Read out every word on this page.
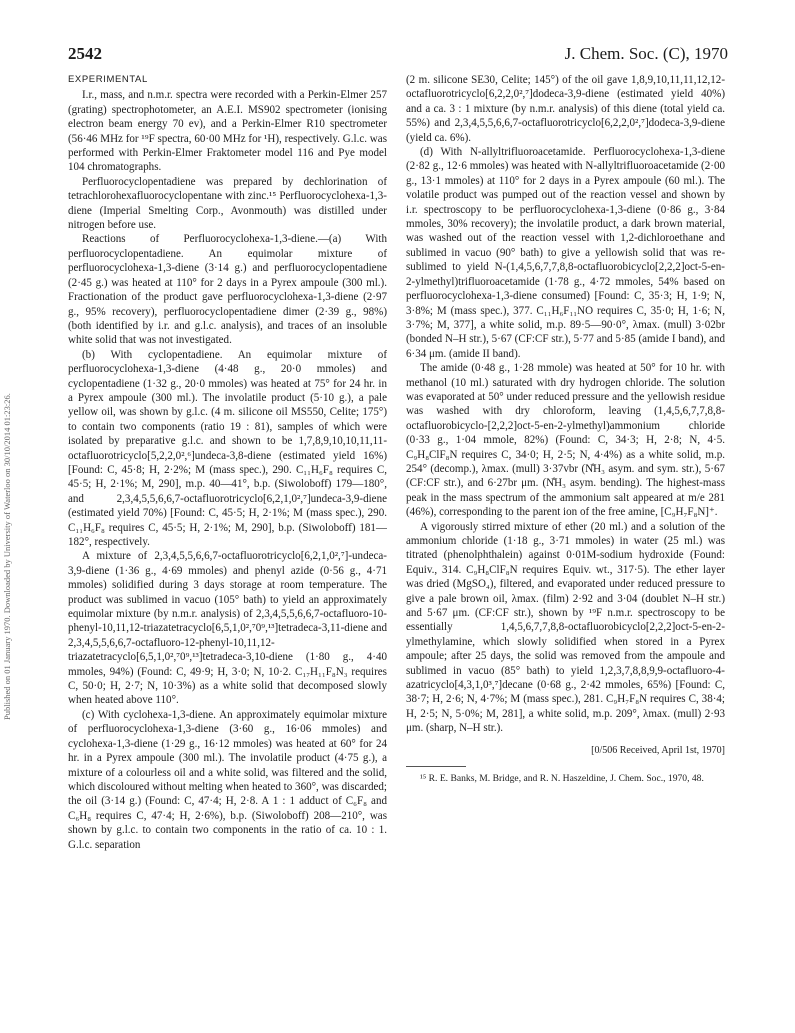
Published on 01 January 1970. Downloaded by University of Waterloo on 30/10/2014 01:23:26.
2542	J. Chem. Soc. (C), 1970
EXPERIMENTAL

I.r., mass, and n.m.r. spectra were recorded with a Perkin-Elmer 257 (grating) spectrophotometer, an A.E.I. MS902 spectrometer (ionising electron beam energy 70 ev), and a Perkin-Elmer R10 spectrometer (56·46 MHz for ¹⁹F spectra, 60·00 MHz for ¹H), respectively. G.l.c. was performed with Perkin-Elmer Fraktometer model 116 and Pye model 104 chromatographs.

Perfluorocyclopentadiene was prepared by dechlorination of tetrachlorohexafluorocyclopentane with zinc.¹⁵ Perfluorocyclohexa-1,3-diene (Imperial Smelting Corp., Avonmouth) was distilled under nitrogen before use.

Reactions of Perfluorocyclohexa-1,3-diene.—(a) With perfluorocyclopentadiene. An equimolar mixture of perfluorocyclohexa-1,3-diene (3·14 g.) and perfluorocyclopentadiene (2·45 g.) was heated at 110° for 2 days in a Pyrex ampoule (300 ml.). Fractionation of the product gave perfluorocyclohexa-1,3-diene (2·97 g., 95% recovery), perfluorocyclopentadiene dimer (2·39 g., 98%) (both identified by i.r. and g.l.c. analysis), and traces of an insoluble white solid that was not investigated.

(b) With cyclopentadiene. An equimolar mixture of perfluorocyclohexa-1,3-diene (4·48 g., 20·0 mmoles) and cyclopentadiene (1·32 g., 20·0 mmoles) was heated at 75° for 24 hr. in a Pyrex ampoule (300 ml.). The involatile product (5·10 g.), a pale yellow oil, was shown by g.l.c. (4 m. silicone oil MS550, Celite; 175°) to contain two components (ratio 19 : 81), samples of which were isolated by preparative g.l.c. and shown to be 1,7,8,9,10,10,11,11-octafluorotricyclo[5,2,2,0²,⁶]undeca-3,8-diene (estimated yield 16%) [Found: C, 45·8; H, 2·2%; M (mass spec.), 290. C₁₁H₆F₈ requires C, 45·5; H, 2·1%; M, 290], m.p. 40—41°, b.p. (Siwoloboff) 179—180°, and 2,3,4,5,5,6,6,7-octafluorotricyclo[6,2,1,0²,⁷]undeca-3,9-diene (estimated yield 70%) [Found: C, 45·5; H, 2·1%; M (mass spec.), 290. C₁₁H₆F₈ requires C, 45·5; H, 2·1%; M, 290], b.p. (Siwoloboff) 181—182°, respectively.

A mixture of 2,3,4,5,5,6,6,7-octafluorotricyclo[6,2,1,0²,⁷]-undeca-3,9-diene (1·36 g., 4·69 mmoles) and phenyl azide (0·56 g., 4·71 mmoles) solidified during 3 days storage at room temperature. The product was sublimed in vacuo (105° bath) to yield an approximately equimolar mixture (by n.m.r. analysis) of 2,3,4,5,5,6,6,7-octafluoro-10-phenyl-10,11,12-triazatetracyclo[6,5,1,0²,⁷0⁹,¹³]tetradeca-3,11-diene and 2,3,4,5,5,6,6,7-octafluoro-12-phenyl-10,11,12-triazatetracyclo[6,5,1,0²,⁷0⁹,¹³]tetradeca-3,10-diene (1·80 g., 4·40 mmoles, 94%) (Found: C, 49·9; H, 3·0; N, 10·2. C₁₇H₁₁F₈N₃ requires C, 50·0; H, 2·7; N, 10·3%) as a white solid that decomposed slowly when heated above 110°.

(c) With cyclohexa-1,3-diene. An approximately equimolar mixture of perfluorocyclohexa-1,3-diene (3·60 g., 16·06 mmoles) and cyclohexa-1,3-diene (1·29 g., 16·12 mmoles) was heated at 60° for 24 hr. in a Pyrex ampoule (300 ml.). The involatile product (4·75 g.), a mixture of a colourless oil and a white solid, was filtered and the solid, which discoloured without melting when heated to 360°, was discarded; the oil (3·14 g.) (Found: C, 47·4; H, 2·8. A 1 : 1 adduct of C₆F₈ and C₆H₈ requires C, 47·4; H, 2·6%), b.p. (Siwoloboff) 208—210°, was shown by g.l.c. to contain two components in the ratio of ca. 10 : 1. G.l.c. separation

(2 m. silicone SE30, Celite; 145°) of the oil gave 1,8,9,10,11,11,12,12-octafluorotricyclo[6,2,2,0²,⁷]dodeca-3,9-diene (estimated yield 40%) and a ca. 3 : 1 mixture (by n.m.r. analysis) of this diene (total yield ca. 55%) and 2,3,4,5,5,6,6,7-octafluorotricyclo[6,2,2,0²,⁷]dodeca-3,9-diene (yield ca. 6%).

(d) With N-allyltrifluoroacetamide. Perfluorocyclohexa-1,3-diene (2·82 g., 12·6 mmoles) was heated with N-allyltrifluoroacetamide (2·00 g., 13·1 mmoles) at 110° for 2 days in a Pyrex ampoule (60 ml.). The volatile product was pumped out of the reaction vessel and shown by i.r. spectroscopy to be perfluorocyclohexa-1,3-diene (0·86 g., 3·84 mmoles, 30% recovery); the involatile product, a dark brown material, was washed out of the reaction vessel with 1,2-dichloroethane and sublimed in vacuo (90° bath) to give a yellowish solid that was re-sublimed to yield N-(1,4,5,6,7,7,8,8-octafluorobicyclo[2,2,2]oct-5-en-2-ylmethyl)trifluoroacetamide (1·78 g., 4·72 mmoles, 54% based on perfluorocyclohexa-1,3-diene consumed) [Found: C, 35·3; H, 1·9; N, 3·8%; M (mass spec.), 377. C₁₁H₆F₁₁NO requires C, 35·0; H, 1·6; N, 3·7%; M, 377], a white solid, m.p. 89·5—90·0°, λmax. (mull) 3·02br (bonded N–H str.), 5·67 (CF:CF str.), 5·77 and 5·85 (amide I band), and 6·34 μm. (amide II band).

The amide (0·48 g., 1·28 mmole) was heated at 50° for 10 hr. with methanol (10 ml.) saturated with dry hydrogen chloride. The solution was evaporated at 50° under reduced pressure and the yellowish residue was washed with dry chloroform, leaving (1,4,5,6,7,7,8,8-octafluorobicyclo-[2,2,2]oct-5-en-2-ylmethyl)ammonium chloride (0·33 g., 1·04 mmole, 82%) (Found: C, 34·3; H, 2·8; N, 4·5. C₉H₈ClF₈N requires C, 34·0; H, 2·5; N, 4·4%) as a white solid, m.p. 254° (decomp.), λmax. (mull) 3·37vbr (N̊H₃ asym. and sym. str.), 5·67 (CF:CF str.), and 6·27br μm. (N̊H₃ asym. bending). The highest-mass peak in the mass spectrum of the ammonium salt appeared at m/e 281 (46%), corresponding to the parent ion of the free amine, [C₉H₇F₈N]⁺.

A vigorously stirred mixture of ether (20 ml.) and a solution of the ammonium chloride (1·18 g., 3·71 mmoles) in water (25 ml.) was titrated (phenolphthalein) against 0·01M-sodium hydroxide (Found: Equiv., 314. C₉H₈ClF₈N requires Equiv. wt., 317·5). The ether layer was dried (MgSO₄), filtered, and evaporated under reduced pressure to give a pale brown oil, λmax. (film) 2·92 and 3·04 (doublet N–H str.) and 5·67 μm. (CF:CF str.), shown by ¹⁹F n.m.r. spectroscopy to be essentially 1,4,5,6,7,7,8,8-octafluorobicyclo[2,2,2]oct-5-en-2-ylmethylamine, which slowly solidified when stored in a Pyrex ampoule; after 25 days, the solid was removed from the ampoule and sublimed in vacuo (85° bath) to yield 1,2,3,7,8,8,9,9-octafluoro-4-azatricyclo[4,3,1,0³,⁷]decane (0·68 g., 2·42 mmoles, 65%) [Found: C, 38·7; H, 2·6; N, 4·7%; M (mass spec.), 281. C₉H₇F₈N requires C, 38·4; H, 2·5; N, 5·0%; M, 281], a white solid, m.p. 209°, λmax. (mull) 2·93 μm. (sharp, N–H str.).

[0/506 Received, April 1st, 1970]

¹⁵ R. E. Banks, M. Bridge, and R. N. Haszeldine, J. Chem. Soc., 1970, 48.
